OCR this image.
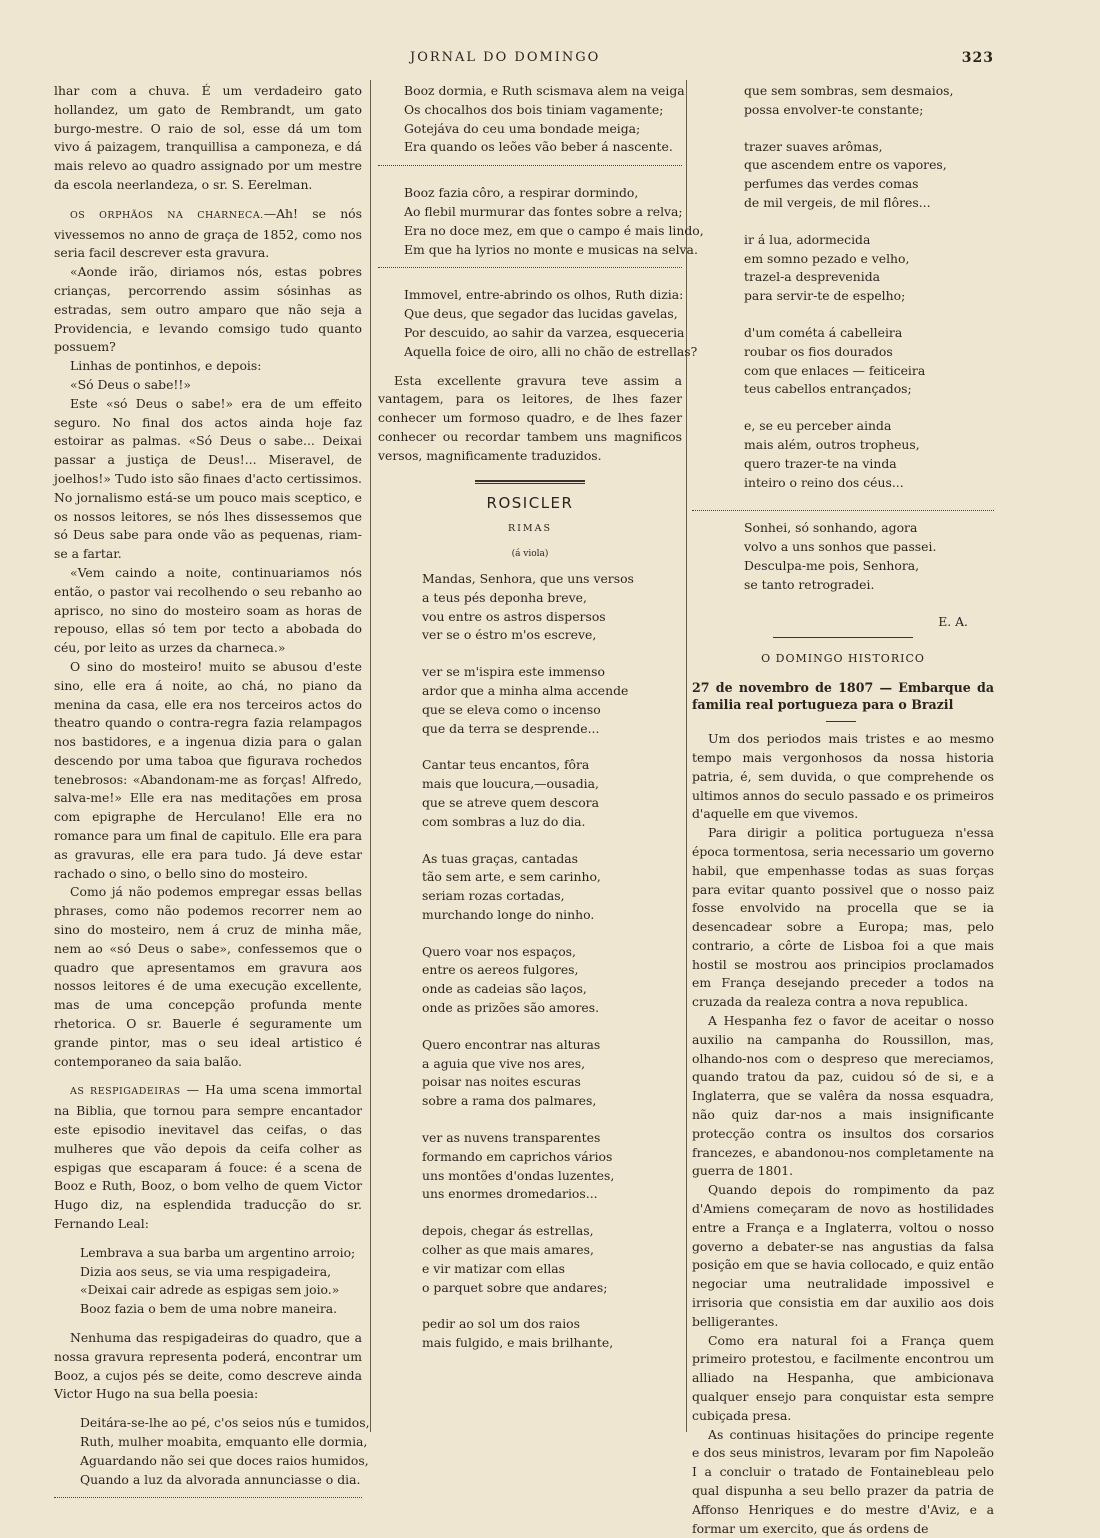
JORNAL DO DOMINGO	323

lhar com a chuva. É um verdadeiro gato hollandez, um gato de Rembrandt, um gato burgo-mestre. O raio de sol, esse dá um tom vivo á paizagem, tranquillisa a camponeza, e dá mais relevo ao quadro assignado por um mestre da escola neerlandeza, o sr. S. Eerelman.

OS ORPHÃOS NA CHARNECA.—Ah! se nós vivessemos no anno de graça de 1852, como nos seria facil descrever esta gravura.

«Aonde irão, diriamos nós, estas pobres crianças, percorrendo assim sósinhas as estradas, sem outro amparo que não seja a Providencia, e levando comsigo tudo quanto possuem?

Linhas de pontinhos, e depois:

«Só Deus o sabe!!»

Este «só Deus o sabe!» era de um effeito seguro. No final dos actos ainda hoje faz estoirar as palmas. «Só Deus o sabe... Deixai passar a justiça de Deus!... Miseravel, de joelhos!» Tudo isto são finaes d'acto certissimos. No jornalismo está-se um pouco mais sceptico, e os nossos leitores, se nós lhes dissessemos que só Deus sabe para onde vão as pequenas, riam-se a fartar.

«Vem caindo a noite, continuariamos nós então, o pastor vai recolhendo o seu rebanho ao aprisco, no sino do mosteiro soam as horas de repouso, ellas só tem por tecto a abobada do céu, por leito as urzes da charneca.»

O sino do mosteiro! muito se abusou d'este sino, elle era á noite, ao chá, no piano da menina da casa, elle era nos terceiros actos do theatro quando o contra-regra fazia relampagos nos bastidores, e a ingenua dizia para o galan descendo por uma taboa que figurava rochedos tenebrosos: «Abandonam-me as forças! Alfredo, salva-me!» Elle era nas meditações em prosa com epigraphe de Herculano! Elle era no romance para um final de capitulo. Elle era para as gravuras, elle era para tudo. Já deve estar rachado o sino, o bello sino do mosteiro.

Como já não podemos empregar essas bellas phrases, como não podemos recorrer nem ao sino do mosteiro, nem á cruz de minha mãe, nem ao «só Deus o sabe», confessemos que o quadro que apresentamos em gravura aos nossos leitores é de uma execução excellente, mas de uma concepção profunda mente rhetorica. O sr. Bauerle é seguramente um grande pintor, mas o seu ideal artistico é contemporaneo da saia balão.

AS RESPIGADEIRAS — Ha uma scena immortal na Biblia, que tornou para sempre encantador este episodio inevitavel das ceifas, o das mulheres que vão depois da ceifa colher as espigas que escaparam á foucе: é a scena de Booz e Ruth, Booz, o bom velho de quem Victor Hugo diz, na esplendida traducção do sr. Fernando Leal:

Lembrava a sua barba um argentino arroio;
Dizia aos seus, se via uma respigadeira,
«Deixai cair adrede as espigas sem joio.»
Booz fazia o bem de uma nobre maneira.

Nenhuma das respigadeiras do quadro, que a nossa gravura representa poderá, encontrar um Booz, a cujos pés se deite, como descreve ainda Victor Hugo na sua bella poesia:

Deitára-se-lhe ao pé, c'os seios nús e tumidos,
Ruth, mulher moabita, emquanto elle dormia,
Aguardando não sei que doces raios humidos,
Quando a luz da alvorada annunciasse o dia.
Booz dormia, e Ruth scismava alem na veiga
Os chocalhos dos bois tiniam vagamente;
Gotejáva do ceu uma bondade meiga;
Era quando os leões vão beber á nascente.
Booz fazia côro, a respirar dormindo,
Ao flebil murmurar das fontes sobre a relva;
Era no doce mez, em que o campo é mais lindo,
Em que ha lyrios no monte e musicas na selva.
Immovel, entre-abrindo os olhos, Ruth dizia:
Que deus, que segador das lucidas gavelas,
Por descuido, ao sahir da varzea, esqueceria
Aquella foice de oiro, alli no chão de estrellas?

Esta excellente gravura teve assim a vantagem, para os leitores, de lhes fazer conhecer um formoso quadro, e de lhes fazer conhecer ou recordar tambem uns magnificos versos, magnificamente traduzidos.

ROSICLER
RIMAS
(á viola)
Mandas, Senhora, que uns versos
a teus pés deponha breve,
vou entre os astros dispersos
ver se o éstro m'os escreve,
ver se m'ispira este immenso
ardor que a minha alma accende
que se eleva como o incenso
que da terra se desprende...
Cantar teus encantos, fôra
mais que loucura,—ousadia,
que se atreve quem descora
com sombras a luz do dia.
As tuas graças, cantadas
tão sem arte, e sem carinho,
seriam rozas cortadas,
murchando longe do ninho.
Quero voar nos espaços,
entre os aereos fulgores,
onde as cadeias são laços,
onde as prizões são amores.
Quero encontrar nas alturas
a aguia que vive nos ares,
poisar nas noites escuras
sobre a rama dos palmares,
ver as nuvens transparentes
formando em caprichos vários
uns montões d'ondas luzentes,
uns enormes dromedarios...
depois, chegar ás estrellas,
colher as que mais amares,
e vir matizar com ellas
o parquet sobre que andares;
pedir ao sol um dos raios
mais fulgido, e mais brilhante,
que sem sombras, sem desmaios,
possa envolver-te constante;
trazer suaves arômas,
que ascendem entre os vapores,
perfumes das verdes comas
de mil vergeis, de mil flôres...
ir á lua, adormecida
em somno pezado e velho,
trazel-a desprevenida
para servir-te de espelho;
d'um cométa á cabelleira
roubar os fios dourados
com que enlaces — feiticeira
teus cabellos entrançados;
e, se eu perceber ainda
mais além, outros tropheus,
quero trazer-te na vinda
inteiro o reino dos céus...
Sonhei, só sonhando, agora
volvo a uns sonhos que passei.
Desculpa-me pois, Senhora,
se tanto retrogradei.
E. A.
O DOMINGO HISTORICO
27 de novembro de 1807 — Embarque da familia real portugueza para o Brazil

Um dos periodos mais tristes e ao mesmo tempo mais vergonhosos da nossa historia patria, é, sem duvida, o que comprehende os ultimos annos do seculo passado e os primeiros d'aquelle em que vivemos.

Para dirigir a politica portugueza n'essa época tormentosa, seria necessario um governo habil, que empenhasse todas as suas forças para evitar quanto possivel que o nosso paiz fosse envolvido na procella que se ia desencadear sobre a Europa; mas, pelo contrario, a côrte de Lisboa foi a que mais hostil se mostrou aos principios proclamados em França desejando preceder a todos na cruzada da realeza contra a nova republica.

A Hespanha fez o favor de aceitar o nosso auxilio na campanha do Roussillon, mas, olhando-nos com o despreso que mereciamos, quando tratou da paz, cuidou só de si, e a Inglaterra, que se valêra da nossa esquadra, não quiz dar-nos a mais insignificante protecção contra os insultos dos corsarios francezes, e abandonou-nos completamente na guerra de 1801.

Quando depois do rompimento da paz d'Amiens começaram de novo as hostilidades entre a França e a Inglaterra, voltou o nosso governo a debater-se nas angustias da falsa posição em que se havia collocado, e quiz então negociar uma neutralidade impossivel e irrisoria que consistia em dar auxilio aos dois belligerantes.

Como era natural foi a França quem primeiro protestou, e facilmente encontrou um alliado na Hespanha, que ambicionava qualquer ensejo para conquistar esta sempre cubiçada presa.

As continuas hisitações do principe regente e dos seus ministros, levaram por fim Napoleão I a concluir o tratado de Fontainebleau pelo qual dispunha a seu bello prazer da patria de Affonso Henriques e do mestre d'Aviz, e a formar um exercito, que ás ordens de
